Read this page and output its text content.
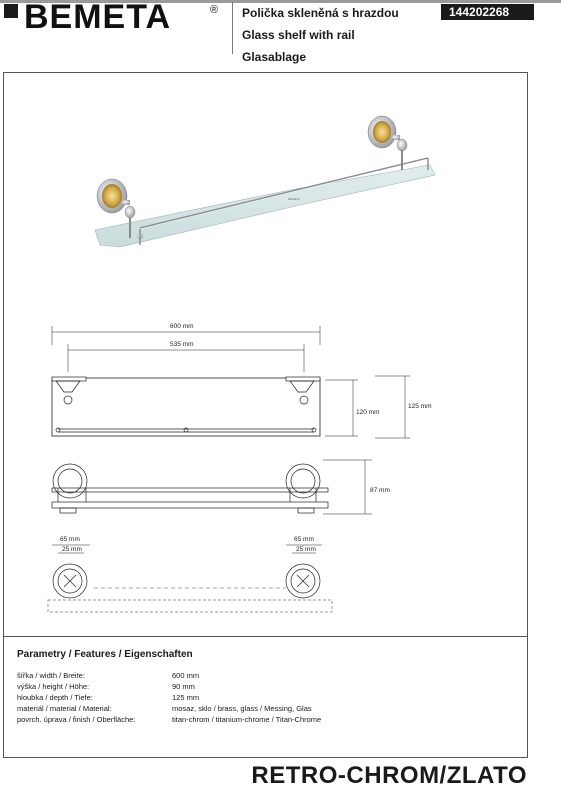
BEMETA	® Polička skleněná s hrazdou
Glass shelf with rail
Glasablage
144202268
BEMETA
600 mm
535 mm
120 mm
125 mm
87 mm
65 mm
25 mm
65 mm
25 mm
Parametry / Features / Eigenschaften
šířka / width / Breite:	600 mm
výška / height / Höhe:	90 mm
hloubka / depth / Tiefe:	125 mm
materiál / material / Material:	mosaz, sklo / brass, glass / Messing, Glas
povrch. úprava / finish / Oberfläche:	titan-chrom / titanium-chrome / Titan-Chrome
RETRO-CHROM/ZLATO
